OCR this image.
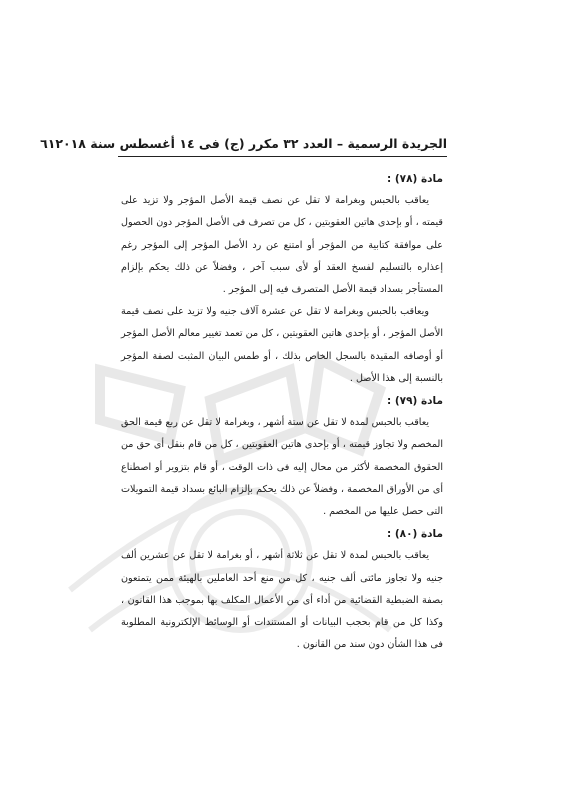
الجريدة الرسمية – العدد ٣٢ مكرر (ج) فى ١٤ أغسطس سنة ٢٠١٨
٦١

مادة (٧٨) :

يعاقب بالحبس وبغرامة لا تقل عن نصف قيمة الأصل المؤجر ولا تزيد على قيمته ، أو بإحدى هاتين العقوبتين ، كل من تصرف فى الأصل المؤجر دون الحصول على موافقة كتابية من المؤجر أو امتنع عن رد الأصل المؤجر إلى المؤجر رغم إعذاره بالتسليم لفسخ العقد أو لأى سبب آخر ، وفضلاً عن ذلك يحكم بإلزام المستأجر بسداد قيمة الأصل المتصرف فيه إلى المؤجر .

ويعاقب بالحبس وبغرامة لا تقل عن عشرة آلاف جنيه ولا تزيد على نصف قيمة الأصل المؤجر ، أو بإحدى هاتين العقوبتين ، كل من تعمد تغيير معالم الأصل المؤجر أو أوصافه المقيدة بالسجل الخاص بذلك ، أو طمس البيان المثبت لصفة المؤجر بالنسبة إلى هذا الأصل .

مادة (٧٩) :

يعاقب بالحبس لمدة لا تقل عن ستة أشهر ، وبغرامة لا تقل عن ربع قيمة الحق المخصم ولا تجاوز قيمته ، أو بإحدى هاتين العقوبتين ، كل من قام بنقل أى حق من الحقوق المخصمة لأكثر من محال إليه فى ذات الوقت ، أو قام بتزوير أو اصطناع أى من الأوراق المخصمة ، وفضلاً عن ذلك يحكم بإلزام البائع بسداد قيمة التمويلات التى حصل عليها من المخصم .

مادة (٨٠) :

يعاقب بالحبس لمدة لا تقل عن ثلاثة أشهر ، أو بغرامة لا تقل عن عشرين ألف جنيه ولا تجاوز مائتى ألف جنيه ، كل من منع أحد العاملين بالهيئة ممن يتمتعون بصفة الضبطية القضائية من أداء أى من الأعمال المكلف بها بموجب هذا القانون ، وكذا كل من قام بحجب البيانات أو المستندات أو الوسائط الإلكترونية المطلوبة فى هذا الشأن دون سند من القانون .
